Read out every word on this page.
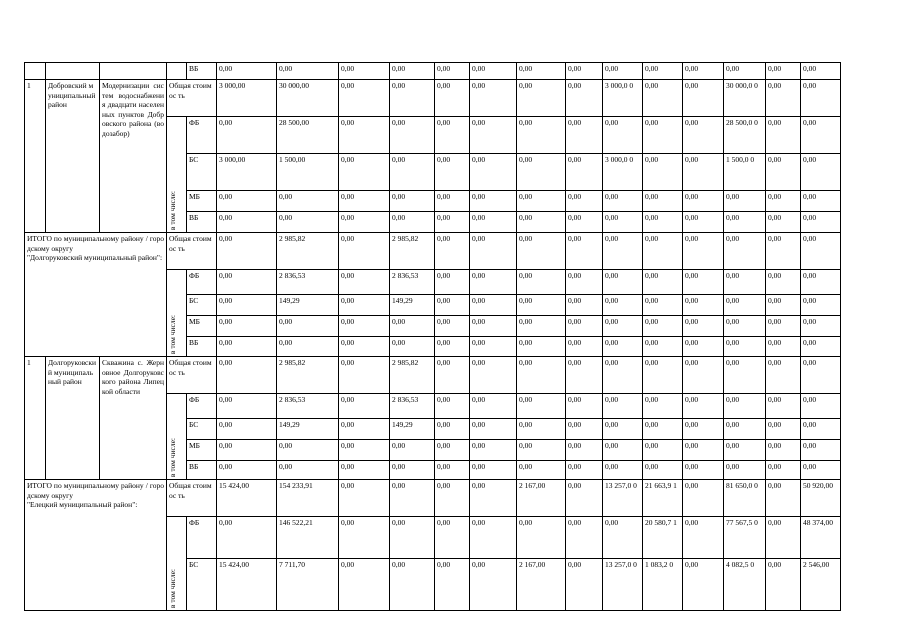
				ВБ	0,00	0,00	0,00	0,00	0,00	0,00	0,00	0,00	0,00	0,00	0,00	0,00	0,00	0,00
1	Добровский муниципальный район	Модернизации систем водоснабжения двадцати населенных пунктов Добровского района (водозабор)	Общая стоимос ть		3 000,00	30 000,00	0,00	0,00	0,00	0,00	0,00	0,00	3 000,0 0	0,00	0,00	30 000,0 0	0,00	0,00

			в том числе:	ФБ	0,00	28 500,00	0,00	0,00	0,00	0,00	0,00	0,00	0,00	0,00	0,00	28 500,0 0	0,00	0,00
				БС	3 000,00	1 500,00	0,00	0,00	0,00	0,00	0,00	0,00	3 000,0 0	0,00	0,00	1 500,0 0	0,00	0,00
				МБ	0,00	0,00	0,00	0,00	0,00	0,00	0,00	0,00	0,00	0,00	0,00	0,00	0,00	0,00
				ВБ	0,00	0,00	0,00	0,00	0,00	0,00	0,00	0,00	0,00	0,00	0,00	0,00	0,00	0,00

ИТОГО по муниципальному району / городскому округу
"Долгоруковский муниципальный район":			Общая стоимос ть		0,00	2 985,82	0,00	2 985,82	0,00	0,00	0,00	0,00	0,00	0,00	0,00	0,00	0,00	0,00

			в том числе:	ФБ	0,00	2 836,53	0,00	2 836,53	0,00	0,00	0,00	0,00	0,00	0,00	0,00	0,00	0,00	0,00
				БС	0,00	149,29	0,00	149,29	0,00	0,00	0,00	0,00	0,00	0,00	0,00	0,00	0,00	0,00
				МБ	0,00	0,00	0,00	0,00	0,00	0,00	0,00	0,00	0,00	0,00	0,00	0,00	0,00	0,00
				ВБ	0,00	0,00	0,00	0,00	0,00	0,00	0,00	0,00	0,00	0,00	0,00	0,00	0,00	0,00
1	Долгоруковский муниципальный район	Скважина с. Жерновное Долгоруковского района Липецкой области	Общая стоимос ть		0,00	2 985,82	0,00	2 985,82	0,00	0,00	0,00	0,00	0,00	0,00	0,00	0,00	0,00	0,00

			в том числе:	ФБ	0,00	2 836,53	0,00	2 836,53	0,00	0,00	0,00	0,00	0,00	0,00	0,00	0,00	0,00	0,00
				БС	0,00	149,29	0,00	149,29	0,00	0,00	0,00	0,00	0,00	0,00	0,00	0,00	0,00	0,00
				МБ	0,00	0,00	0,00	0,00	0,00	0,00	0,00	0,00	0,00	0,00	0,00	0,00	0,00	0,00
				ВБ	0,00	0,00	0,00	0,00	0,00	0,00	0,00	0,00	0,00	0,00	0,00	0,00	0,00	0,00

ИТОГО по муниципальному району / городскому округу
"Елецкий муниципальный район":			Общая стоимос ть		15 424,00	154 233,91	0,00	0,00	0,00	0,00	2 167,00	0,00	13 257,0 0	21 663,9 1	0,00	81 650,0 0	0,00	50 920,00

			в том числе:	ФБ	0,00	146 522,21	0,00	0,00	0,00	0,00	0,00	0,00	0,00	20 580,7 1	0,00	77 567,5 0	0,00	48 374,00
				БС	15 424,00	7 711,70	0,00	0,00	0,00	0,00	2 167,00	0,00	13 257,0 0	1 083,2 0	0,00	4 082,5 0	0,00	2 546,00
